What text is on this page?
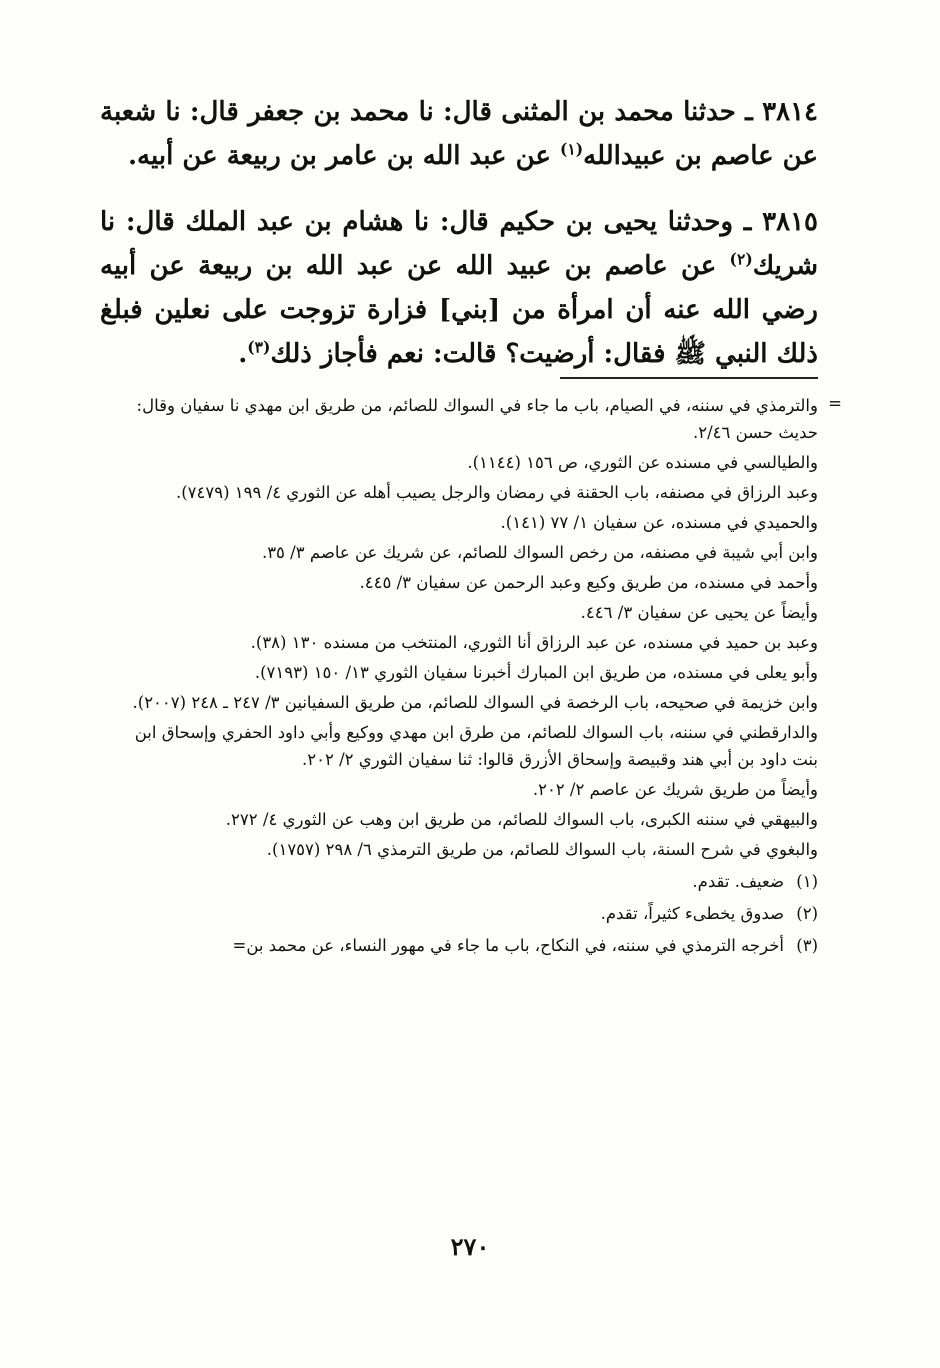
٣٨١٤ ـ حدثنا محمد بن المثنى قال: نا محمد بن جعفر قال: نا شعبة عن عاصم بن عبيدالله$^{(١)}$ عن عبد الله بن عامر بن ربيعة عن أبيه.

٣٨١٥ ـ وحدثنا يحيى بن حكيم قال: نا هشام بن عبد الملك قال: نا شريك$^{(٢)}$ عن عاصم بن عبيد الله عن عبد الله بن ربيعة عن أبيه رضي الله عنه أن امرأة من [بني] فزارة تزوجت على نعلين فبلغ ذلك النبي ﷺ فقال: أرضيت؟ قالت: نعم فأجاز ذلك$^{(٣)}$.

=

والترمذي في سننه، في الصيام، باب ما جاء في السواك للصائم، من طريق ابن مهدي نا سفيان وقال: حديث حسن ٢/٤٦.

والطيالسي في مسنده عن الثوري، ص ١٥٦ (١١٤٤).

وعبد الرزاق في مصنفه، باب الحقنة في رمضان والرجل يصيب أهله عن الثوري ٤/ ١٩٩ (٧٤٧٩).

والحميدي في مسنده، عن سفيان ١/ ٧٧ (١٤١).

وابن أبي شيبة في مصنفه، من رخص السواك للصائم، عن شريك عن عاصم ٣/ ٣٥.

وأحمد في مسنده، من طريق وكيع وعبد الرحمن عن سفيان ٣/ ٤٤٥.

وأيضاً عن يحيى عن سفيان ٣/ ٤٤٦.

وعبد بن حميد في مسنده، عن عبد الرزاق أنا الثوري، المنتخب من مسنده ١٣٠ (٣٨).

وأبو يعلى في مسنده، من طريق ابن المبارك أخبرنا سفيان الثوري ١٣/ ١٥٠ (٧١٩٣).

وابن خزيمة في صحيحه، باب الرخصة في السواك للصائم، من طريق السفيانين ٣/ ٢٤٧ ـ ٢٤٨ (٢٠٠٧).

والدارقطني في سننه، باب السواك للصائم، من طرق ابن مهدي ووكيع وأبي داود الحفري وإسحاق ابن بنت داود بن أبي هند وقبيصة وإسحاق الأزرق قالوا: ثنا سفيان الثوري ٢/ ٢٠٢.

وأيضاً من طريق شريك عن عاصم ٢/ ٢٠٢.

والبيهقي في سننه الكبرى، باب السواك للصائم، من طريق ابن وهب عن الثوري ٤/ ٢٧٢.

والبغوي في شرح السنة، باب السواك للصائم، من طريق الترمذي ٦/ ٢٩٨ (١٧٥٧).

(١)
ضعيف. تقدم.
(٢)
صدوق يخطىء كثيراً، تقدم.
(٣)
أخرجه الترمذي في سننه، في النكاح، باب ما جاء في مهور النساء، عن محمد بن=
٢٧٠
